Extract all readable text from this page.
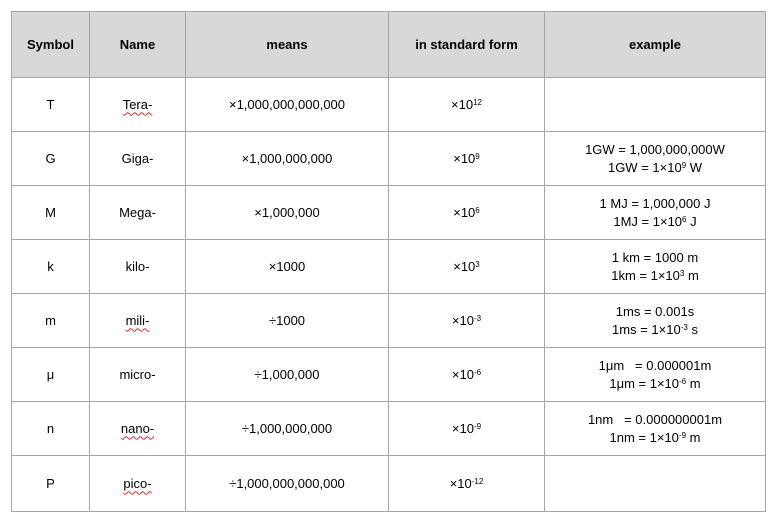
Symbol	Name	means	in standard form	example
T	Tera-	×1,000,000,000,000	$\times 10^{12}$	
G	Giga-	×1,000,000,000	$\times 10^9$	1GW = 1,000,000,000W
$1GW = 1\times 10^9$ W

M	Mega-	×1,000,000	$\times 10^6$	1 MJ = 1,000,000 J
$1MJ = 1\times 10^6$ J

k	kilo-	×1000	$\times 10^3$	1 km = 1000 m
$1km = 1\times 10^3$ m

m	mili-	÷1000	$\times 10^{-3}$	1ms = 0.001s
$1ms = 1\times 10^{-3}$ s

μ	micro-	÷1,000,000	$\times 10^{-6}$	1μm   = 0.000001m
$1\mu m = 1\times 10^{-6}$ m

n	nano-	÷1,000,000,000	$\times 10^{-9}$	1nm   = 0.000000001m
$1nm = 1\times 10^{-9}$ m

P	pico-	÷1,000,000,000,000	$\times 10^{-12}$	
